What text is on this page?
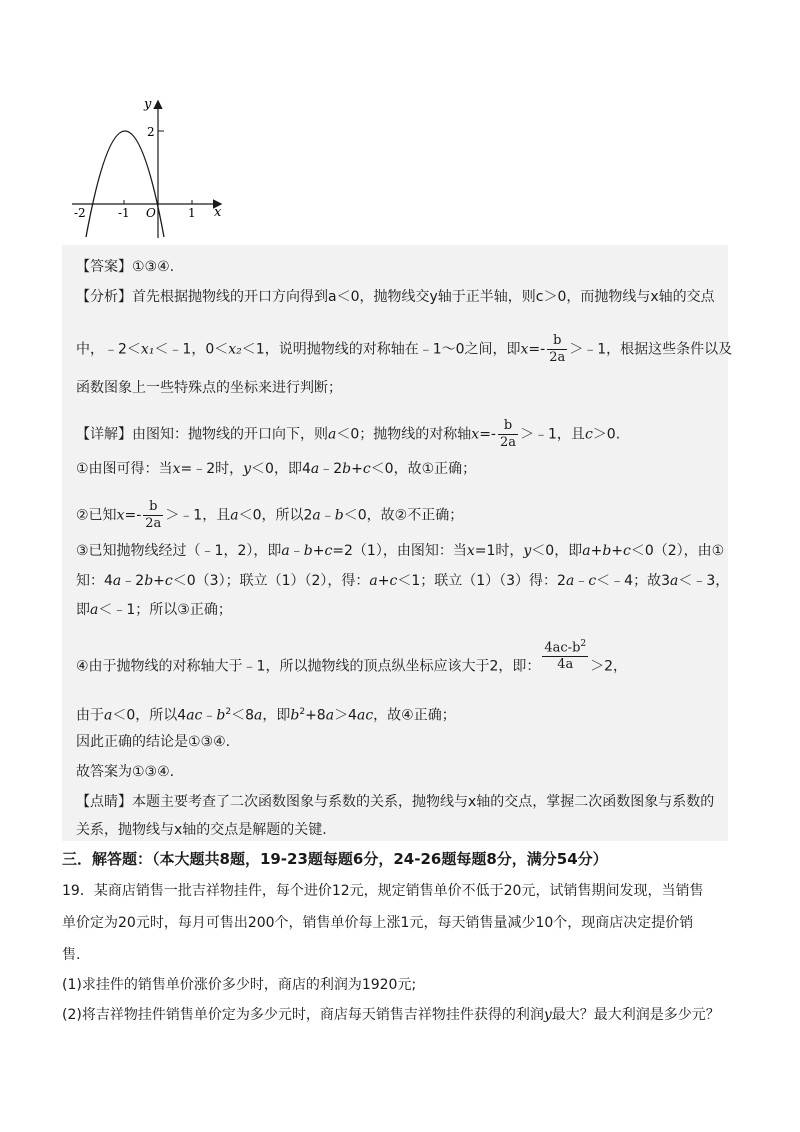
y
x
2
-2	-1 O	1
【答案】①③④.
【分析】首先根据抛物线的开口方向得到a＜0，抛物线交y轴于正半轴，则c＞0，而抛物线与x轴的交点
中，﹣2＜x₁＜﹣1，0＜x₂＜1，说明抛物线的对称轴在﹣1～0之间，即$x=- \frac{b}{2a}$ ＞﹣1，根据这些条件以及
函数图象上一些特殊点的坐标来进行判断；
【详解】由图知：抛物线的开口向下，则a＜0；抛物线的对称轴$x=- \frac{b}{2a}$ ＞﹣1，且c＞0.
①由图可得：当x=﹣2时，y＜0，即4a﹣2b+c＜0，故①正确；
②已知$x=- \frac{b}{2a}$ ＞﹣1，且a＜0，所以2a﹣b＜0，故②不正确；
③已知抛物线经过（﹣1，2），即a﹣b+c=2（1），由图知：当x=1时，y＜0，即a+b+c＜0（2），由①
知：4a﹣2b+c＜0（3）；联立（1）（2），得：a+c＜1；联立（1）（3）得：2a﹣c＜﹣4；故3a＜﹣3，
即a＜﹣1；所以③正确；
④由于抛物线的对称轴大于﹣1，所以抛物线的顶点纵坐标应该大于2，即： $\frac{4ac-b^2}{4a} >2$，
由于a＜0，所以$4ac﹣b^2<8a$，即$b^2+8a>4ac$，故④正确；
因此正确的结论是①③④.
故答案为①③④.
【点睛】本题主要考查了二次函数图象与系数的关系，抛物线与x轴的交点，掌握二次函数图象与系数的
关系，抛物线与x轴的交点是解题的关键.
三．解答题：（本大题共8题，19-23题每题6分，24-26题每题8分，满分54分）
19．某商店销售一批吉祥物挂件，每个进价12元，规定销售单价不低于20元，试销售期间发现，当销售
单价定为20元时，每月可售出200个，销售单价每上涨1元，每天销售量减少10个，现商店决定提价销
售.
(1)求挂件的销售单价涨价多少时，商店的利润为1920元;
(2)将吉祥物挂件销售单价定为多少元时，商店每天销售吉祥物挂件获得的利润y最大？最大利润是多少元？
